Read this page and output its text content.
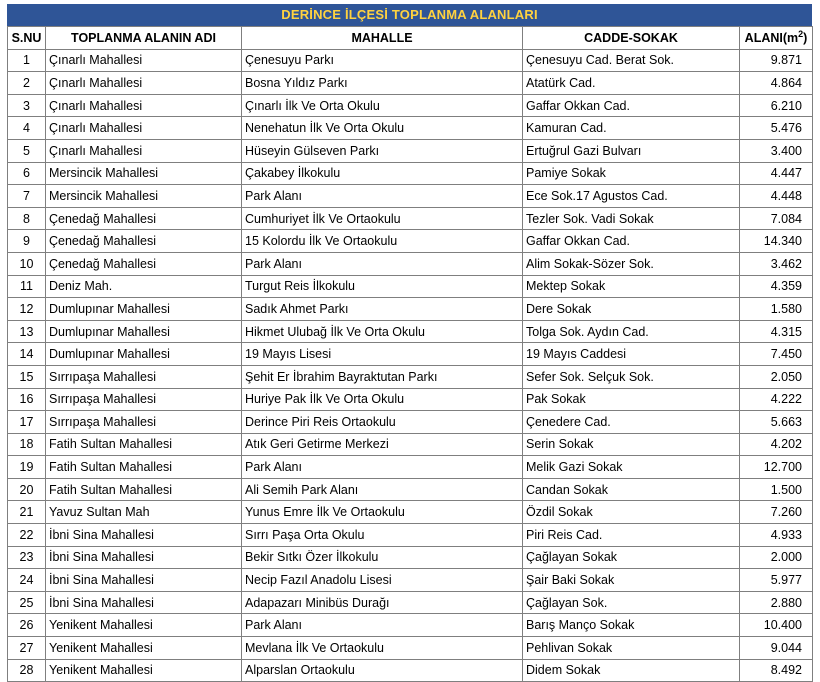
DERİNCE İLÇESİ TOPLANMA ALANLARI
S.NU	TOPLANMA ALANIN ADI	MAHALLE	CADDE-SOKAK	$ALANI(m^2)$
1	Çınarlı Mahallesi	Çenesuyu Parkı	Çenesuyu Cad. Berat Sok.	9.871
2	Çınarlı Mahallesi	Bosna Yıldız Parkı	Atatürk Cad.	4.864
3	Çınarlı Mahallesi	Çınarlı İlk Ve Orta Okulu	Gaffar Okkan Cad.	6.210
4	Çınarlı Mahallesi	Nenehatun İlk Ve Orta Okulu	Kamuran Cad.	5.476
5	Çınarlı Mahallesi	Hüseyin Gülseven Parkı	Ertuğrul Gazi Bulvarı	3.400
6	Mersincik Mahallesi	Çakabey İlkokulu	Pamiye Sokak	4.447
7	Mersincik Mahallesi	Park Alanı	Ece Sok.17 Agustos Cad.	4.448
8	Çenedağ Mahallesi	Cumhuriyet İlk Ve Ortaokulu	Tezler Sok. Vadi Sokak	7.084
9	Çenedağ Mahallesi	15 Kolordu İlk Ve Ortaokulu	Gaffar Okkan Cad.	14.340
10	Çenedağ Mahallesi	Park Alanı	Alim Sokak-Sözer Sok.	3.462
11	Deniz Mah.	Turgut Reis İlkokulu	Mektep Sokak	4.359
12	Dumlupınar Mahallesi	Sadık Ahmet Parkı	Dere Sokak	1.580
13	Dumlupınar Mahallesi	Hikmet Ulubağ İlk Ve Orta Okulu	Tolga Sok. Aydın Cad.	4.315
14	Dumlupınar Mahallesi	19 Mayıs Lisesi	19 Mayıs Caddesi	7.450
15	Sırrıpaşa Mahallesi	Şehit Er İbrahim Bayraktutan Parkı	Sefer Sok. Selçuk Sok.	2.050
16	Sırrıpaşa Mahallesi	Huriye Pak İlk Ve Orta Okulu	Pak Sokak	4.222
17	Sırrıpaşa Mahallesi	Derince Piri Reis Ortaokulu	Çenedere Cad.	5.663
18	Fatih Sultan Mahallesi	Atık Geri Getirme Merkezi	Serin Sokak	4.202
19	Fatih Sultan Mahallesi	Park Alanı	Melik Gazi Sokak	12.700
20	Fatih Sultan Mahallesi	Ali Semih Park Alanı	Candan Sokak	1.500
21	Yavuz Sultan Mah	Yunus Emre İlk Ve Ortaokulu	Özdil Sokak	7.260
22	İbni Sina Mahallesi	Sırrı Paşa Orta Okulu	Piri Reis Cad.	4.933
23	İbni Sina Mahallesi	Bekir Sıtkı Özer İlkokulu	Çağlayan Sokak	2.000
24	İbni Sina Mahallesi	Necip Fazıl Anadolu Lisesi	Şair Baki Sokak	5.977
25	İbni Sina Mahallesi	Adapazarı Minibüs Durağı	Çağlayan Sok.	2.880
26	Yenikent Mahallesi	Park Alanı	Barış Manço Sokak	10.400
27	Yenikent Mahallesi	Mevlana İlk Ve Ortaokulu	Pehlivan Sokak	9.044
28	Yenikent Mahallesi	Alparslan Ortaokulu	Didem Sokak	8.492
